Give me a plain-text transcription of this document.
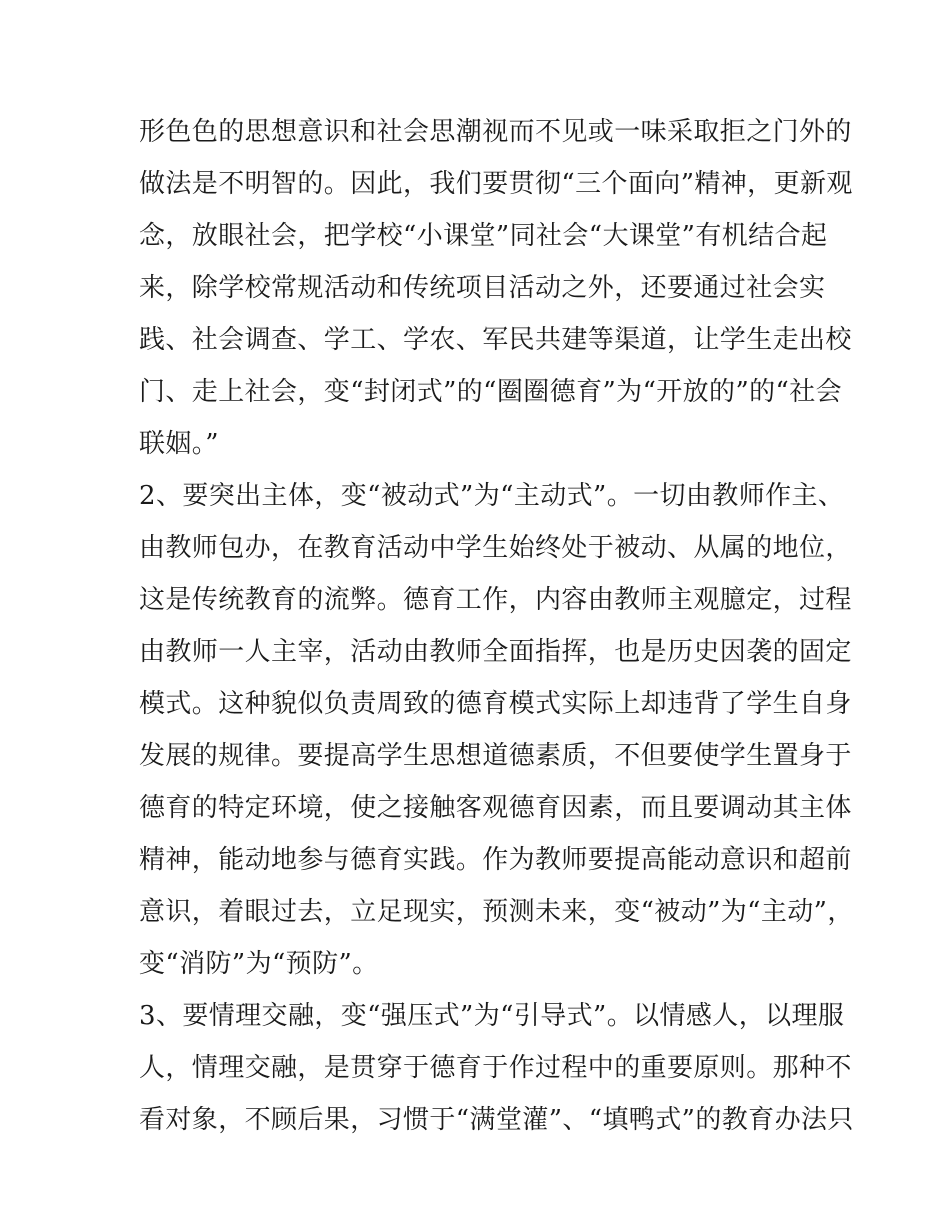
形色色的思想意识和社会思潮视而不见或一味采取拒之门外的
做法是不明智的。因此，我们要贯彻“三个面向”精神，更新观
念，放眼社会，把学校“小课堂”同社会“大课堂”有机结合起
来，除学校常规活动和传统项目活动之外，还要通过社会实
践、社会调查、学工、学农、军民共建等渠道，让学生走出校
门、走上社会，变“封闭式”的“圈圈德育”为“开放的”的“社会
联姻。”
2、要突出主体，变“被动式”为“主动式”。一切由教师作主、
由教师包办，在教育活动中学生始终处于被动、从属的地位，
这是传统教育的流弊。德育工作，内容由教师主观臆定，过程
由教师一人主宰，活动由教师全面指挥，也是历史因袭的固定
模式。这种貌似负责周致的德育模式实际上却违背了学生自身
发展的规律。要提高学生思想道德素质，不但要使学生置身于
德育的特定环境，使之接触客观德育因素，而且要调动其主体
精神，能动地参与德育实践。作为教师要提高能动意识和超前
意识，着眼过去，立足现实，预测未来，变“被动”为“主动”，
变“消防”为“预防”。
3、要情理交融，变“强压式”为“引导式”。以情感人，以理服
人，情理交融，是贯穿于德育于作过程中的重要原则。那种不
看对象，不顾后果，习惯于“满堂灌”、“填鸭式”的教育办法只
